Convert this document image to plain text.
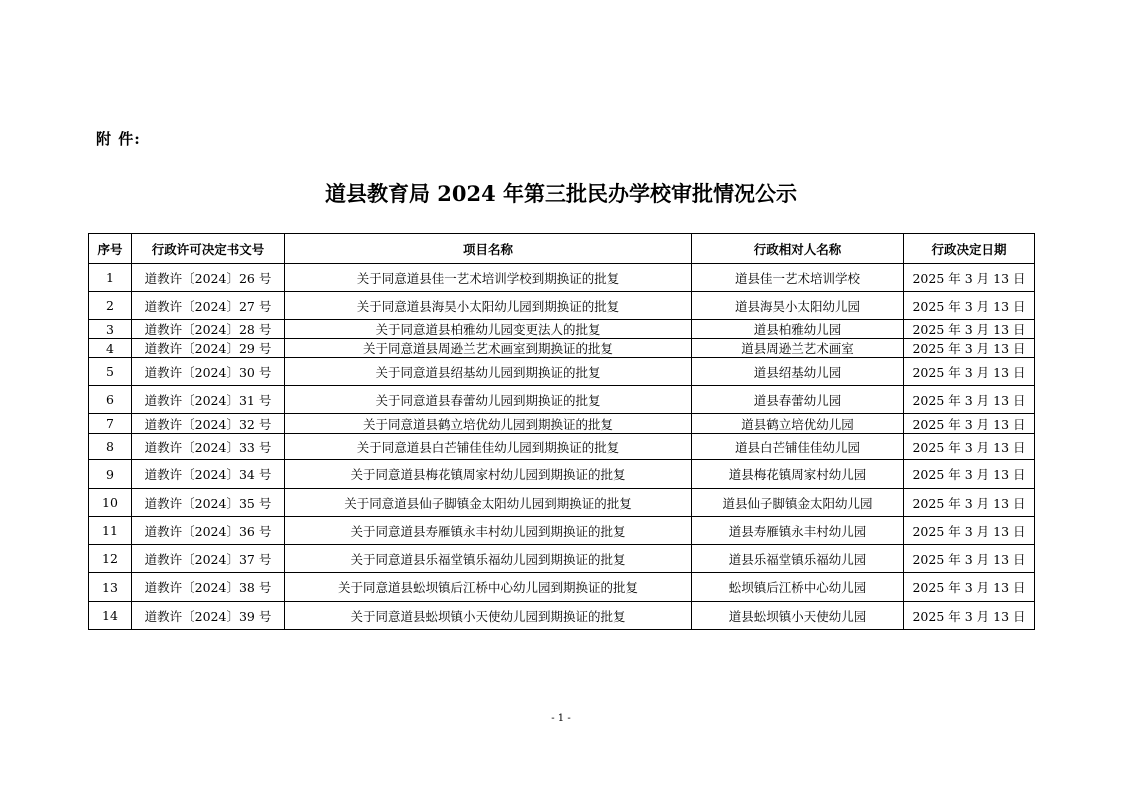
附 件:
道县教育局 2024 年第三批民办学校审批情况公示
序号	行政许可决定书文号	项目名称	行政相对人名称	行政决定日期
1	道教许〔2024〕26 号	关于同意道县佳一艺术培训学校到期换证的批复	道县佳一艺术培训学校	2025 年 3 月 13 日
2	道教许〔2024〕27 号	关于同意道县海昊小太阳幼儿园到期换证的批复	道县海昊小太阳幼儿园	2025 年 3 月 13 日
3	道教许〔2024〕28 号	关于同意道县柏雅幼儿园变更法人的批复	道县柏雅幼儿园	2025 年 3 月 13 日
4	道教许〔2024〕29 号	关于同意道县周逊兰艺术画室到期换证的批复	道县周逊兰艺术画室	2025 年 3 月 13 日
5	道教许〔2024〕30 号	关于同意道县绍基幼儿园到期换证的批复	道县绍基幼儿园	2025 年 3 月 13 日
6	道教许〔2024〕31 号	关于同意道县春蕾幼儿园到期换证的批复	道县春蕾幼儿园	2025 年 3 月 13 日
7	道教许〔2024〕32 号	关于同意道县鹤立培优幼儿园到期换证的批复	道县鹤立培优幼儿园	2025 年 3 月 13 日
8	道教许〔2024〕33 号	关于同意道县白芒铺佳佳幼儿园到期换证的批复	道县白芒铺佳佳幼儿园	2025 年 3 月 13 日
9	道教许〔2024〕34 号	关于同意道县梅花镇周家村幼儿园到期换证的批复	道县梅花镇周家村幼儿园	2025 年 3 月 13 日
10	道教许〔2024〕35 号	关于同意道县仙子脚镇金太阳幼儿园到期换证的批复	道县仙子脚镇金太阳幼儿园	2025 年 3 月 13 日
11	道教许〔2024〕36 号	关于同意道县寿雁镇永丰村幼儿园到期换证的批复	道县寿雁镇永丰村幼儿园	2025 年 3 月 13 日
12	道教许〔2024〕37 号	关于同意道县乐福堂镇乐福幼儿园到期换证的批复	道县乐福堂镇乐福幼儿园	2025 年 3 月 13 日
13	道教许〔2024〕38 号	关于同意道县蚣坝镇后江桥中心幼儿园到期换证的批复	蚣坝镇后江桥中心幼儿园	2025 年 3 月 13 日
14	道教许〔2024〕39 号	关于同意道县蚣坝镇小天使幼儿园到期换证的批复	道县蚣坝镇小天使幼儿园	2025 年 3 月 13 日
- 1 -
